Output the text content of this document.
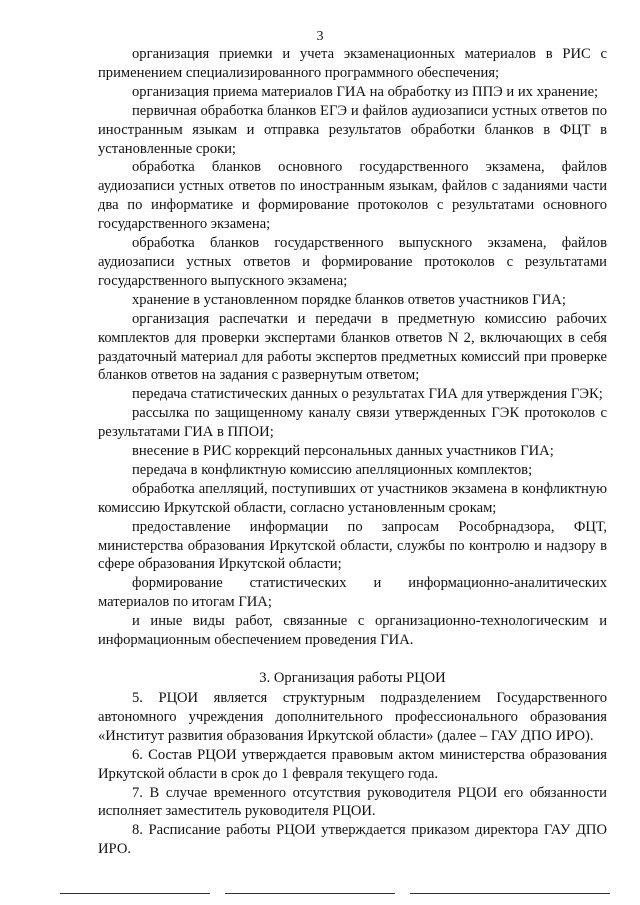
3

организация приемки и учета экзаменационных материалов в РИС с применением специализированного программного обеспечения;

организация приема материалов ГИА на обработку из ППЭ и их хранение;

первичная обработка бланков ЕГЭ и файлов аудиозаписи устных ответов по иностранным языкам и отправка результатов обработки бланков в ФЦТ в установленные сроки;

обработка бланков основного государственного экзамена, файлов аудиозаписи устных ответов по иностранным языкам, файлов с заданиями части два по информатике и формирование протоколов с результатами основного государственного экзамена;

обработка бланков государственного выпускного экзамена, файлов аудиозаписи устных ответов и формирование протоколов с результатами государственного выпускного экзамена;

хранение в установленном порядке бланков ответов участников ГИА;

организация распечатки и передачи в предметную комиссию рабочих комплектов для проверки экспертами бланков ответов N 2, включающих в себя раздаточный материал для работы экспертов предметных комиссий при проверке бланков ответов на задания с развернутым ответом;

передача статистических данных о результатах ГИА для утверждения ГЭК;

рассылка по защищенному каналу связи утвержденных ГЭК протоколов с результатами ГИА в ППОИ;

внесение в РИС коррекций персональных данных участников ГИА;

передача в конфликтную комиссию апелляционных комплектов;

обработка апелляций, поступивших от участников экзамена в конфликтную комиссию Иркутской области, согласно установленным срокам;

предоставление информации по запросам Рособрнадзора, ФЦТ, министерства образования Иркутской области, службы по контролю и надзору в сфере образования Иркутской области;

формирование статистических и информационно-аналитических материалов по итогам ГИА;

и иные виды работ, связанные с организационно-технологическим и информационным обеспечением проведения ГИА.

3. Организация работы РЦОИ

5. РЦОИ является структурным подразделением Государственного автономного учреждения дополнительного профессионального образования «Институт развития образования Иркутской области» (далее – ГАУ ДПО ИРО).

6. Состав РЦОИ утверждается правовым актом министерства образования Иркутской области в срок до 1 февраля текущего года.

7. В случае временного отсутствия руководителя РЦОИ его обязанности исполняет заместитель руководителя РЦОИ.

8. Расписание работы РЦОИ утверждается приказом директора ГАУ ДПО ИРО.
